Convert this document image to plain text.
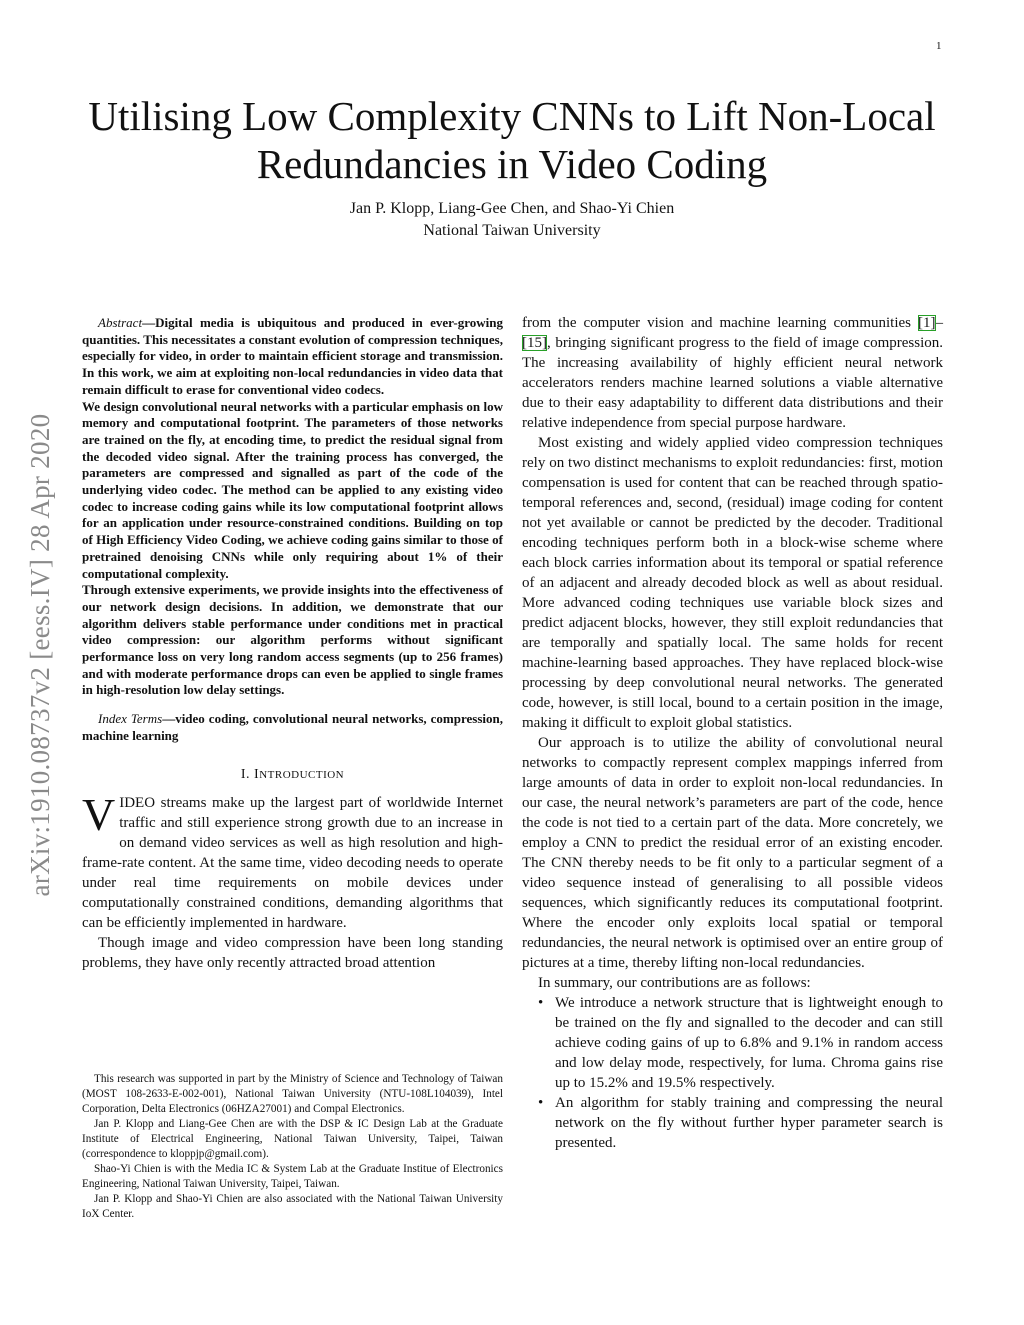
1
arXiv:1910.08737v2 [eess.IV] 28 Apr 2020
Utilising Low Complexity CNNs to Lift Non-Local
Redundancies in Video Coding
Jan P. Klopp, Liang-Gee Chen, and Shao-Yi Chien
National Taiwan University

Abstract—Digital media is ubiquitous and produced in ever-growing quantities. This necessitates a constant evolution of compression techniques, especially for video, in order to maintain efficient storage and transmission. In this work, we aim at exploiting non-local redundancies in video data that remain difficult to erase for conventional video codecs.

We design convolutional neural networks with a particular emphasis on low memory and computational footprint. The parameters of those networks are trained on the fly, at encoding time, to predict the residual signal from the decoded video signal. After the training process has converged, the parameters are compressed and signalled as part of the code of the underlying video codec. The method can be applied to any existing video codec to increase coding gains while its low computational footprint allows for an application under resource-constrained conditions. Building on top of High Efficiency Video Coding, we achieve coding gains similar to those of pretrained denoising CNNs while only requiring about 1% of their computational complexity.

Through extensive experiments, we provide insights into the effectiveness of our network design decisions. In addition, we demonstrate that our algorithm delivers stable performance under conditions met in practical video compression: our algorithm performs without significant performance loss on very long random access segments (up to 256 frames) and with moderate performance drops can even be applied to single frames in high-resolution low delay settings.

Index Terms—video coding, convolutional neural networks, compression, machine learning

I. INTRODUCTION

VIDEO streams make up the largest part of worldwide Internet traffic and still experience strong growth due to an increase in on demand video services as well as high resolution and high-frame-rate content. At the same time, video decoding needs to operate under real time requirements on mobile devices under computationally constrained conditions, demanding algorithms that can be efficiently implemented in hardware.

Though image and video compression have been long standing problems, they have only recently attracted broad attention

This research was supported in part by the Ministry of Science and Technology of Taiwan (MOST 108-2633-E-002-001), National Taiwan University (NTU-108L104039), Intel Corporation, Delta Electronics (06HZA27001) and Compal Electronics.

Jan P. Klopp and Liang-Gee Chen are with the DSP & IC Design Lab at the Graduate Institute of Electrical Engineering, National Taiwan University, Taipei, Taiwan (correspondence to kloppjp@gmail.com).

Shao-Yi Chien is with the Media IC & System Lab at the Graduate Institue of Electronics Engineering, National Taiwan University, Taipei, Taiwan.

Jan P. Klopp and Shao-Yi Chien are also associated with the National Taiwan University IoX Center.

from the computer vision and machine learning communities [1]–[15], bringing significant progress to the field of image compression. The increasing availability of highly efficient neural network accelerators renders machine learned solutions a viable alternative due to their easy adaptability to different data distributions and their relative independence from special purpose hardware.

Most existing and widely applied video compression techniques rely on two distinct mechanisms to exploit redundancies: first, motion compensation is used for content that can be reached through spatio-temporal references and, second, (residual) image coding for content not yet available or cannot be predicted by the decoder. Traditional encoding techniques perform both in a block-wise scheme where each block carries information about its temporal or spatial reference of an adjacent and already decoded block as well as about residual. More advanced coding techniques use variable block sizes and predict adjacent blocks, however, they still exploit redundancies that are temporally and spatially local. The same holds for recent machine-learning based approaches. They have replaced block-wise processing by deep convolutional neural networks. The generated code, however, is still local, bound to a certain position in the image, making it difficult to exploit global statistics.

Our approach is to utilize the ability of convolutional neural networks to compactly represent complex mappings inferred from large amounts of data in order to exploit non-local redundancies. In our case, the neural network’s parameters are part of the code, hence the code is not tied to a certain part of the data. More concretely, we employ a CNN to predict the residual error of an existing encoder. The CNN thereby needs to be fit only to a particular segment of a video sequence instead of generalising to all possible videos sequences, which significantly reduces its computational footprint. Where the encoder only exploits local spatial or temporal redundancies, the neural network is optimised over an entire group of pictures at a time, thereby lifting non-local redundancies.

In summary, our contributions are as follows:

• We introduce a network structure that is lightweight enough to be trained on the fly and signalled to the decoder and can still achieve coding gains of up to 6.8% and 9.1% in random access and low delay mode, respectively, for luma. Chroma gains rise up to 15.2% and 19.5% respectively.
• An algorithm for stably training and compressing the neural network on the fly without further hyper parameter search is presented.
